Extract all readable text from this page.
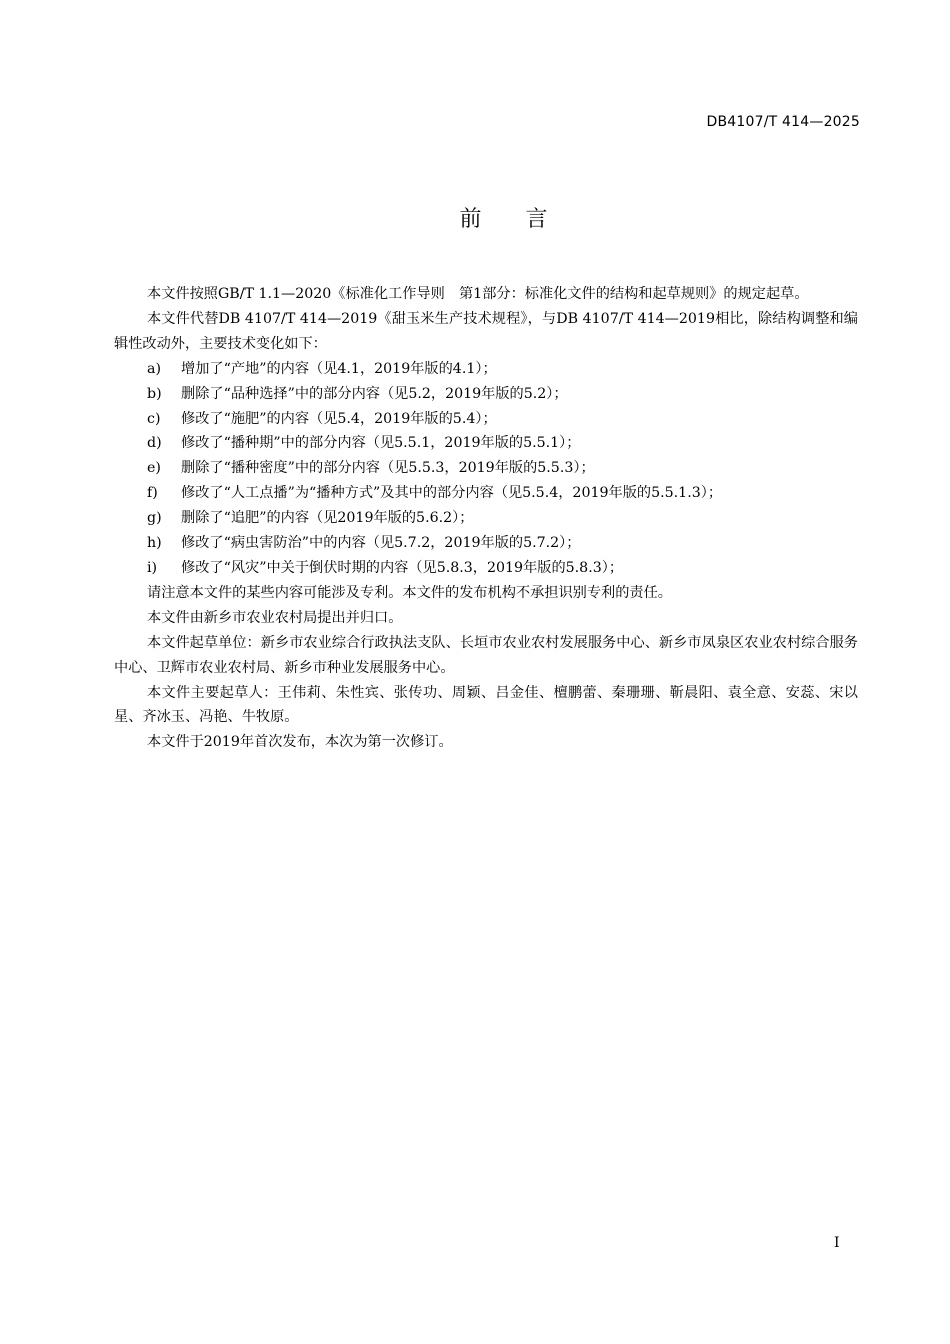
DB4107/T 414—2025
前 言

本文件按照GB/T 1.1—2020《标准化工作导则　第1部分：标准化文件的结构和起草规则》的规定起草。

本文件代替DB 4107/T 414—2019《甜玉米生产技术规程》，与DB 4107/T 414—2019相比，除结构调整和编辑性改动外，主要技术变化如下：

a) 增加了“产地”的内容（见4.1，2019年版的4.1）；

b) 删除了“品种选择”中的部分内容（见5.2，2019年版的5.2）；

c) 修改了“施肥”的内容（见5.4，2019年版的5.4）；

d) 修改了“播种期”中的部分内容（见5.5.1，2019年版的5.5.1）；

e) 删除了“播种密度”中的部分内容（见5.5.3，2019年版的5.5.3）；

f) 修改了“人工点播”为“播种方式”及其中的部分内容（见5.5.4，2019年版的5.5.1.3）；

g) 删除了“追肥”的内容（见2019年版的5.6.2）；

h) 修改了“病虫害防治”中的内容（见5.7.2，2019年版的5.7.2）；

i) 修改了“风灾”中关于倒伏时期的内容（见5.8.3，2019年版的5.8.3）；

请注意本文件的某些内容可能涉及专利。本文件的发布机构不承担识别专利的责任。

本文件由新乡市农业农村局提出并归口。

本文件起草单位：新乡市农业综合行政执法支队、长垣市农业农村发展服务中心、新乡市凤泉区农业农村综合服务中心、卫辉市农业农村局、新乡市种业发展服务中心。

本文件主要起草人：王伟莉、朱性宾、张传功、周颖、吕金佳、檀鹏蕾、秦珊珊、靳晨阳、袁全意、安蕊、宋以星、齐冰玉、冯艳、牛牧原。

本文件于2019年首次发布，本次为第一次修订。

I
